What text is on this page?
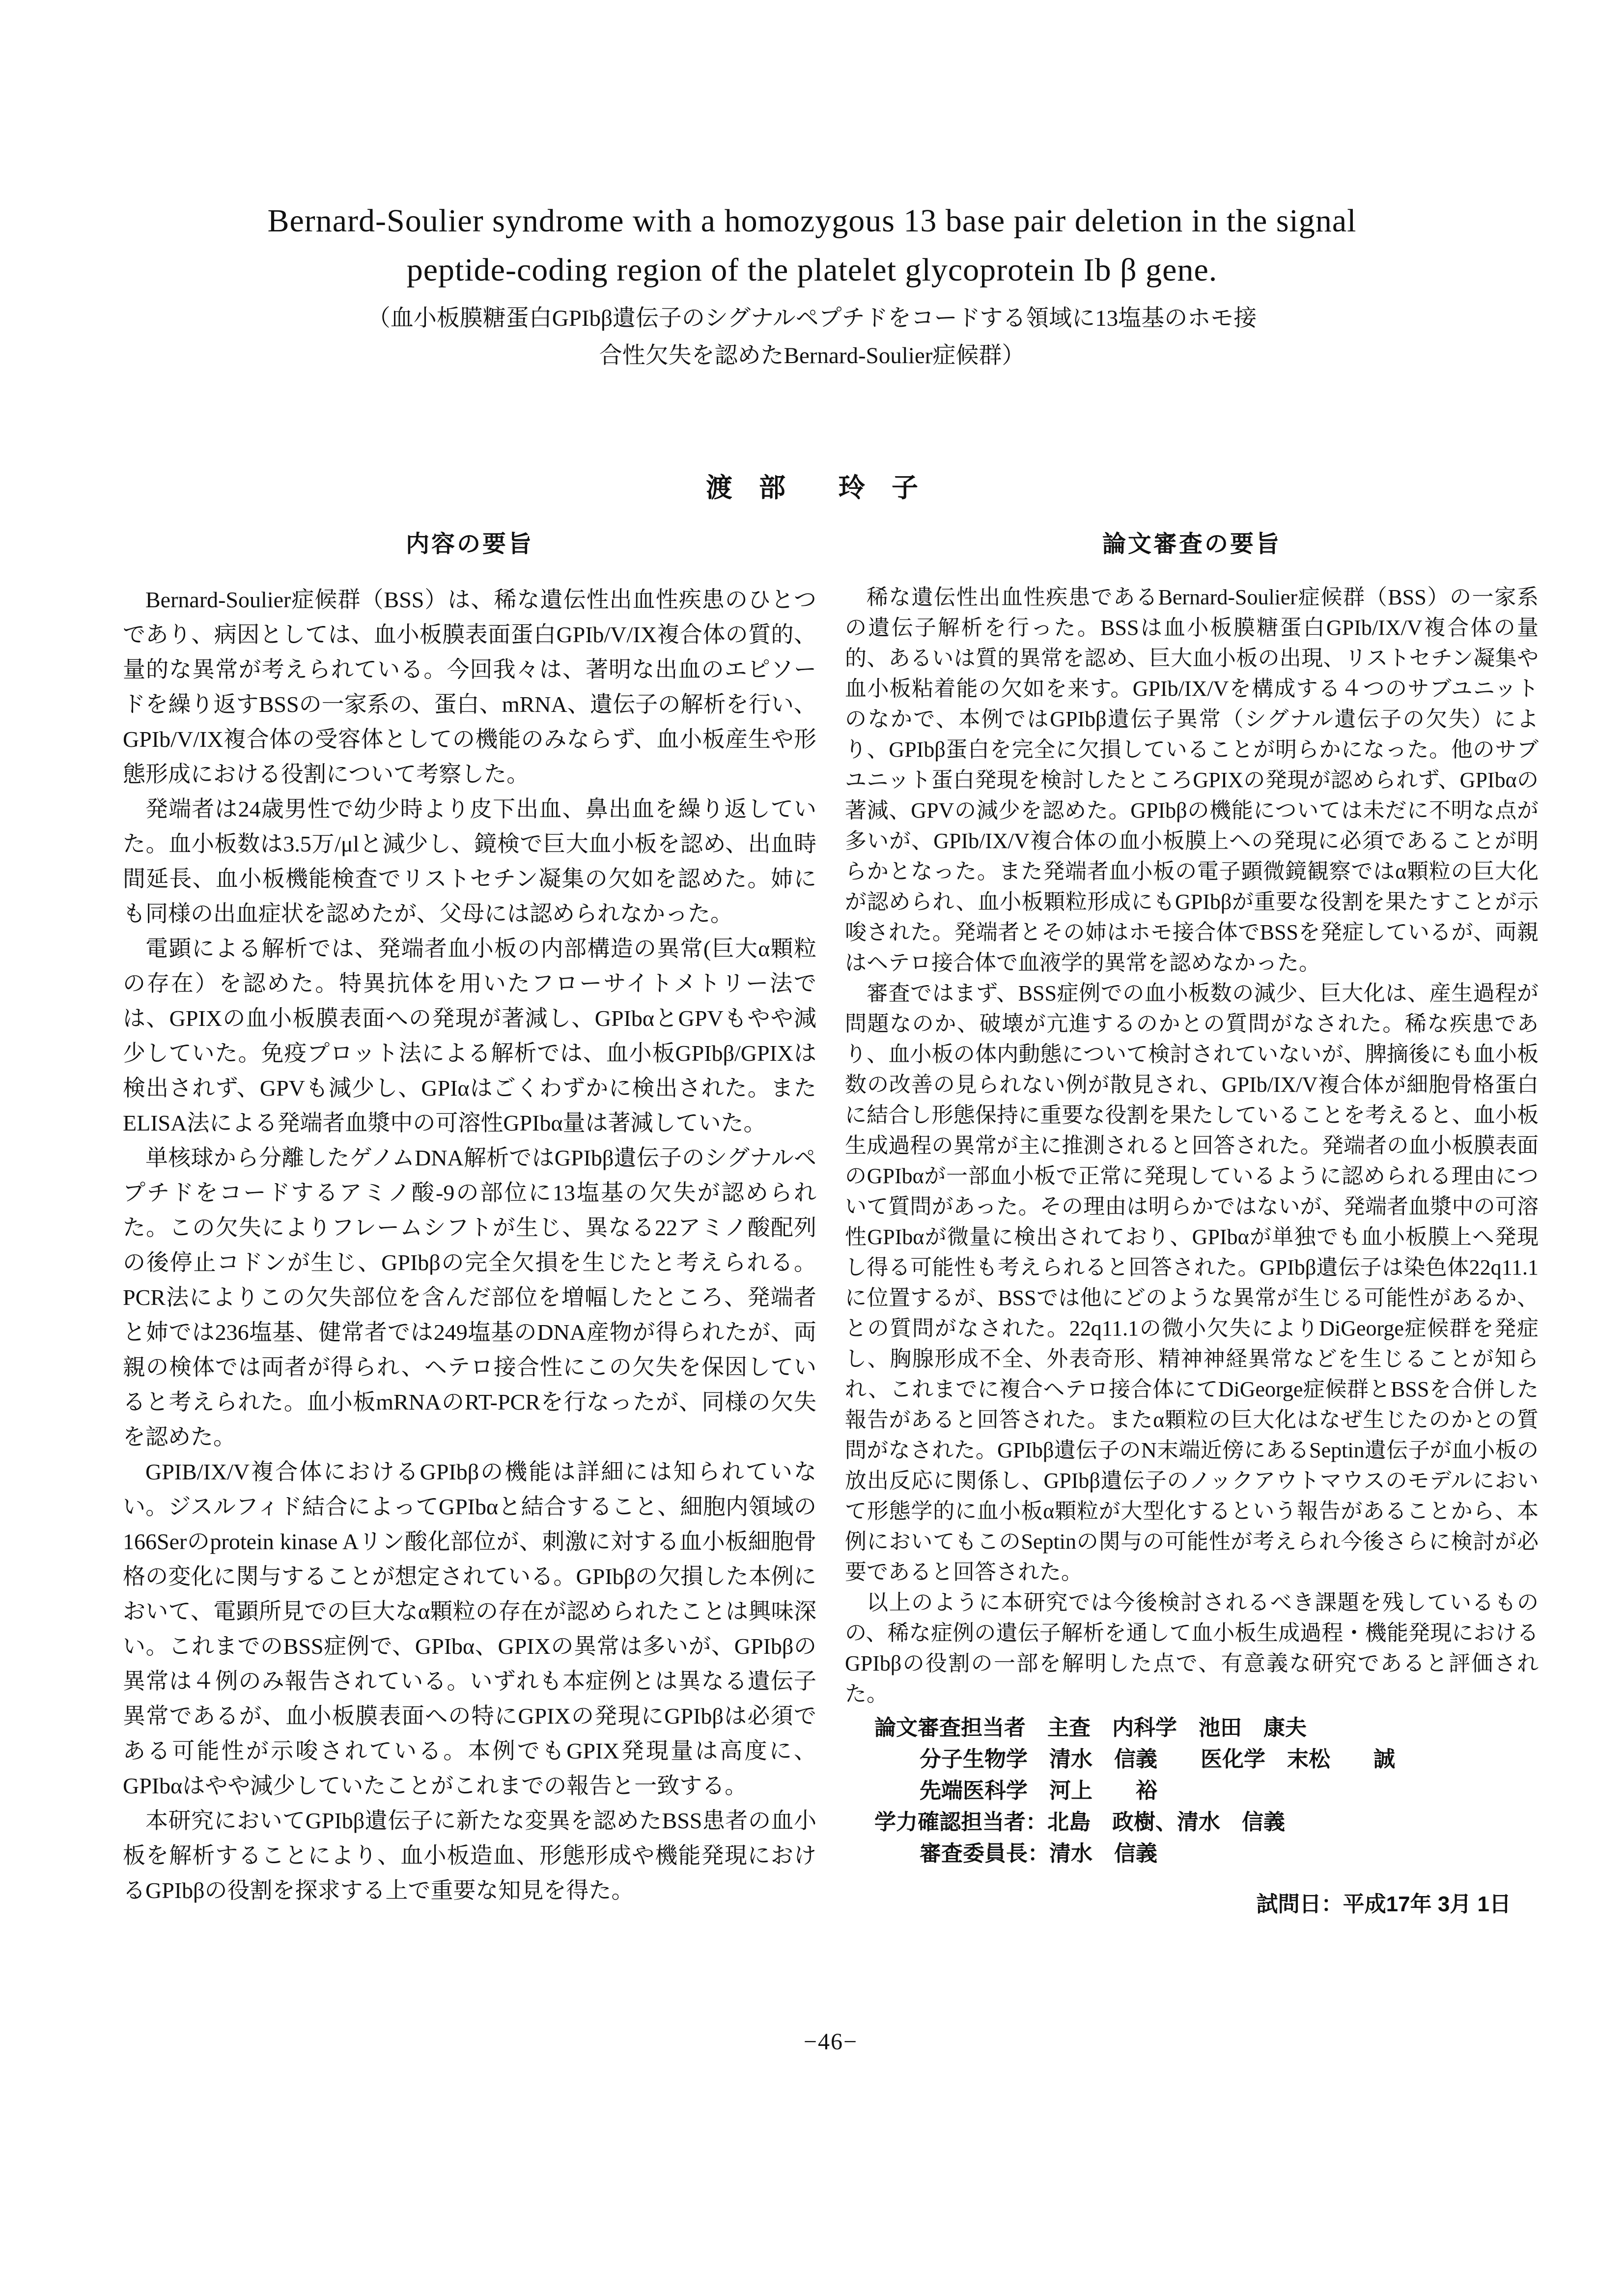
Bernard-Soulier syndrome with a homozygous 13 base pair deletion in the signal
peptide-coding region of the platelet glycoprotein Ib β gene.
（血小板膜糖蛋白GPIbβ遺伝子のシグナルペプチドをコードする領域に13塩基のホモ接
合性欠失を認めたBernard-Soulier症候群）
渡　部　　玲　子
内容の要旨

Bernard-Soulier症候群（BSS）は、稀な遺伝性出血性疾患のひとつであり、病因としては、血小板膜表面蛋白GPIb/V/IX複合体の質的、量的な異常が考えられている。今回我々は、著明な出血のエピソードを繰り返すBSSの一家系の、蛋白、mRNA、遺伝子の解析を行い、GPIb/V/IX複合体の受容体としての機能のみならず、血小板産生や形態形成における役割について考察した。

発端者は24歳男性で幼少時より皮下出血、鼻出血を繰り返していた。血小板数は3.5万/μlと減少し、鏡検で巨大血小板を認め、出血時間延長、血小板機能検査でリストセチン凝集の欠如を認めた。姉にも同様の出血症状を認めたが、父母には認められなかった。

電顕による解析では、発端者血小板の内部構造の異常(巨大α顆粒の存在）を認めた。特異抗体を用いたフローサイトメトリー法では、GPIXの血小板膜表面への発現が著減し、GPIbαとGPVもやや減少していた。免疫プロット法による解析では、血小板GPIbβ/GPIXは検出されず、GPVも減少し、GPIαはごくわずかに検出された。またELISA法による発端者血漿中の可溶性GPIbα量は著減していた。

単核球から分離したゲノムDNA解析ではGPIbβ遺伝子のシグナルペプチドをコードするアミノ酸-9の部位に13塩基の欠失が認められた。この欠失によりフレームシフトが生じ、異なる22アミノ酸配列の後停止コドンが生じ、GPIbβの完全欠損を生じたと考えられる。PCR法によりこの欠失部位を含んだ部位を増幅したところ、発端者と姉では236塩基、健常者では249塩基のDNA産物が得られたが、両親の検体では両者が得られ、ヘテロ接合性にこの欠失を保因していると考えられた。血小板mRNAのRT-PCRを行なったが、同様の欠失を認めた。

GPIB/IX/V複合体におけるGPIbβの機能は詳細には知られていない。ジスルフィド結合によってGPIbαと結合すること、細胞内領域の166Serのprotein kinase Aリン酸化部位が、刺激に対する血小板細胞骨格の変化に関与することが想定されている。GPIbβの欠損した本例において、電顕所見での巨大なα顆粒の存在が認められたことは興味深い。これまでのBSS症例で、GPIbα、GPIXの異常は多いが、GPIbβの異常は４例のみ報告されている。いずれも本症例とは異なる遺伝子異常であるが、血小板膜表面への特にGPIXの発現にGPIbβは必須である可能性が示唆されている。本例でもGPIX発現量は高度に、GPIbαはやや減少していたことがこれまでの報告と一致する。

本研究においてGPIbβ遺伝子に新たな変異を認めたBSS患者の血小板を解析することにより、血小板造血、形態形成や機能発現におけるGPIbβの役割を探求する上で重要な知見を得た。

論文審査の要旨

稀な遺伝性出血性疾患であるBernard-Soulier症候群（BSS）の一家系の遺伝子解析を行った。BSSは血小板膜糖蛋白GPIb/IX/V複合体の量的、あるいは質的異常を認め、巨大血小板の出現、リストセチン凝集や血小板粘着能の欠如を来す。GPIb/IX/Vを構成する４つのサブユニットのなかで、本例ではGPIbβ遺伝子異常（シグナル遺伝子の欠失）により、GPIbβ蛋白を完全に欠損していることが明らかになった。他のサブユニット蛋白発現を検討したところGPIXの発現が認められず、GPIbαの著減、GPVの減少を認めた。GPIbβの機能については未だに不明な点が多いが、GPIb/IX/V複合体の血小板膜上への発現に必須であることが明らかとなった。また発端者血小板の電子顕微鏡観察ではα顆粒の巨大化が認められ、血小板顆粒形成にもGPIbβが重要な役割を果たすことが示唆された。発端者とその姉はホモ接合体でBSSを発症しているが、両親はヘテロ接合体で血液学的異常を認めなかった。

審査ではまず、BSS症例での血小板数の減少、巨大化は、産生過程が問題なのか、破壊が亢進するのかとの質問がなされた。稀な疾患であり、血小板の体内動態について検討されていないが、脾摘後にも血小板数の改善の見られない例が散見され、GPIb/IX/V複合体が細胞骨格蛋白に結合し形態保持に重要な役割を果たしていることを考えると、血小板生成過程の異常が主に推測されると回答された。発端者の血小板膜表面のGPIbαが一部血小板で正常に発現しているように認められる理由について質問があった。その理由は明らかではないが、発端者血漿中の可溶性GPIbαが微量に検出されており、GPIbαが単独でも血小板膜上へ発現し得る可能性も考えられると回答された。GPIbβ遺伝子は染色体22q11.1に位置するが、BSSでは他にどのような異常が生じる可能性があるか、との質問がなされた。22q11.1の微小欠失によりDiGeorge症候群を発症し、胸腺形成不全、外表奇形、精神神経異常などを生じることが知られ、これまでに複合ヘテロ接合体にてDiGeorge症候群とBSSを合併した報告があると回答された。またα顆粒の巨大化はなぜ生じたのかとの質問がなされた。GPIbβ遺伝子のN末端近傍にあるSeptin遺伝子が血小板の放出反応に関係し、GPIbβ遺伝子のノックアウトマウスのモデルにおいて形態学的に血小板α顆粒が大型化するという報告があることから、本例においてもこのSeptinの関与の可能性が考えられ今後さらに検討が必要であると回答された。

以上のように本研究では今後検討されるべき課題を残しているものの、稀な症例の遺伝子解析を通して血小板生成過程・機能発現におけるGPIbβの役割の一部を解明した点で、有意義な研究であると評価された。

論文審査担当者　主査　内科学　池田　康夫
分子生物学　清水　信義　　医化学　末松　　誠
先端医科学　河上　　裕
学力確認担当者：北島　政樹、清水　信義
審査委員長：清水　信義
試問日：平成17年 3月 1日
−46−
